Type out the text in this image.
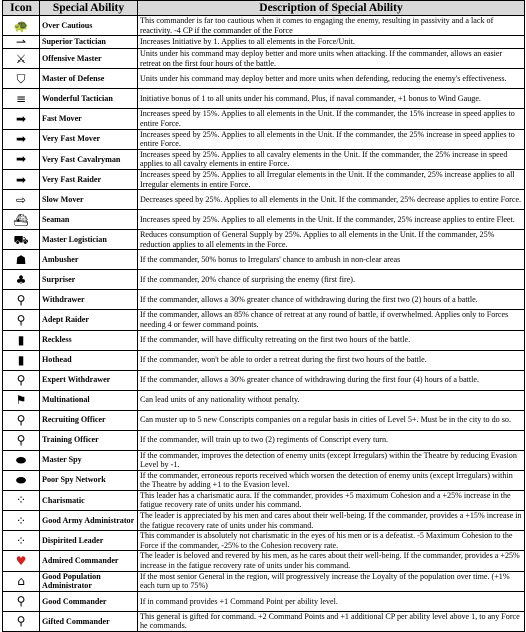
Icon	Special Ability	Description of Special Ability
🐢	Over Cautious	This commander is far too cautious when it comes to engaging the enemy, resulting in passivity and a lack of reactivity. -4 CP if the commander of the Force
⇀	Superior Tactician	Increases Initiative by 1. Applies to all elements in the Force/Unit.
⚔	Offensive Master	Units under his command may deploy better and more units when attacking. If the commander, allows an easier retreat on the first four hours of the battle.
⛉	Master of Defense	Units under his command may deploy better and more units when defending, reducing the enemy's effectiveness.
≡	Wonderful Tactician	Initiative bonus of 1 to all units under his command. Plus, if naval commander, +1 bonus to Wind Gauge.
➡	Fast Mover	Increases speed by 15%. Applies to all elements in the Unit. If the commander, the 15% increase in speed applies to entire Force.
➡	Very Fast Mover	Increases speed by 25%. Applies to all elements in the Unit. If the commander, the 25% increase in speed applies to entire Force.
➡	Very Fast Cavalryman	Increases speed by 25%. Applies to all cavalry elements in the Unit. If the commander, the 25% increase in speed applies to all cavalry elements in entire Force.
➡	Very Fast Raider	Increases speed by 25%. Applies to all Irregular elements in the Unit. If the commander, 25% increase applies to all Irregular elements in entire Force.
⇨	Slow Mover	Decreases speed by 25%. Applies to all elements in the Unit. If the commander, 25% decrease applies to entire Force.
⛴	Seaman	Increases speed by 25%. Applies to all elements in the Unit. If the commander, 25% increase applies to entire Fleet.
⛟	Master Logistician	Reduces consumption of General Supply by 25%. Applies to all elements in the Unit. If the commander, 25% reduction applies to all elements in the Force.
☗	Ambusher	If the commander, 50% bonus to Irregulars' chance to ambush in non-clear areas
♣	Surpriser	If the commander, 20% chance of surprising the enemy (first fire).
⚲	Withdrawer	If the commander, allows a 30% greater chance of withdrawing during the first two (2) hours of a battle.
⚲	Adept Raider	If the commander, allows an 85% chance of retreat at any round of battle, if overwhelmed. Applies only to Forces needing 4 or fewer command points.
▮	Reckless	If the commander, will have difficulty retreating on the first two hours of the battle.
▮	Hothead	If the commander, won't be able to order a retreat during the first two hours of the battle.
⚲	Expert Withdrawer	If the commander, allows a 30% greater chance of withdrawing during the first four (4) hours of a battle.
⚑	Multinational	Can lead units of any nationality without penalty.
⚲	Recruiting Officer	Can muster up to 5 new Conscripts companies on a regular basis in cities of Level 5+. Must be in the city to do so.
⚲	Training Officer	If the commander, will train up to two (2) regiments of Conscript every turn.
⬬	Master Spy	If the commander, improves the detection of enemy units (except Irregulars) within the Theatre by reducing Evasion Level by -1.
⬬	Poor Spy Network	If the commander, erroneous reports received which worsen the detection of enemy units (except Irregulars) within the Theatre by adding +1 to the Evasion level.
⁘	Charismatic	This leader has a charismatic aura. If the commander, provides +5 maximum Cohesion and a +25% increase in the fatigue recovery rate of units under his command.
⁘	Good Army Administrator	The leader is appreciated by his men and cares about their well-being. If the commander, provides a +15% increase in the fatigue recovery rate of units under his command.
⁘	Dispirited Leader	This commander is absolutely not charismatic in the eyes of his men or is a defeatist. -5 Maximum Cohesion to the Force if the commander, -25% to the Cohesion recovery rate.
♥	Admired Commander	The leader is beloved and revered by his men, as he cares about their well-being. If the commander, provides a +25% increase in the fatigue recovery rate of units under his command.
⌂	Good Population Administrator	If the most senior General in the region, will progressively increase the Loyalty of the population over time. (+1% each turn up to 75%)
⚲	Good Commander	If in command provides +1 Command Point per ability level.
⚲	Gifted Commander	This general is gifted for command. +2 Command Points and +1 additional CP per ability level above 1, to any Force he commands.
